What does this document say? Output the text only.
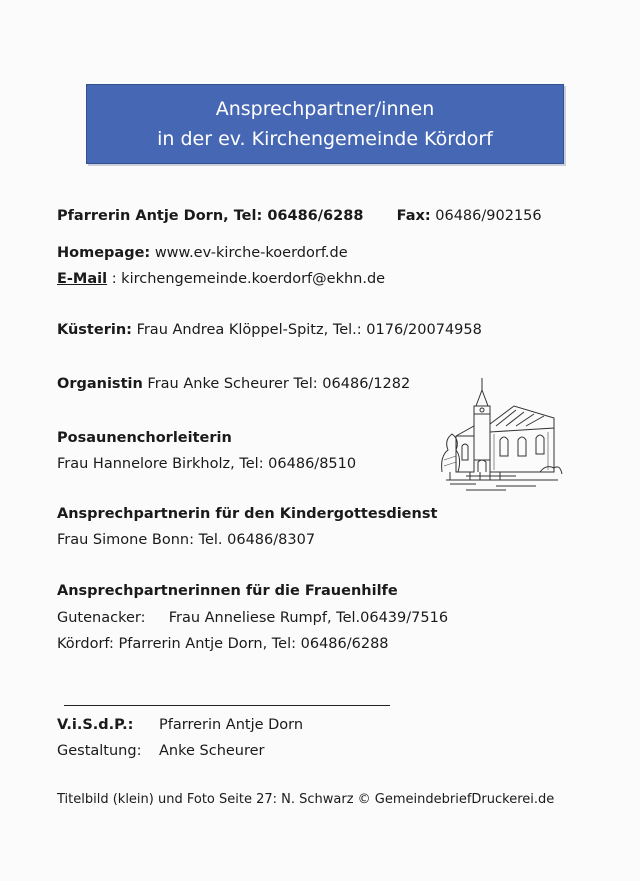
Ansprechpartner/innen
in der ev. Kirchengemeinde Kördorf
Pfarrerin Antje Dorn, Tel: 06486/6288 Fax: 06486/902156
Homepage: www.ev-kirche-koerdorf.de
E-Mail : kirchengemeinde.koerdorf@ekhn.de
Küsterin: Frau Andrea Klöppel-Spitz, Tel.: 0176/20074958
Organistin Frau Anke Scheurer Tel: 06486/1282
Posaunenchorleiterin
Frau Hannelore Birkholz, Tel: 06486/8510
Ansprechpartnerin für den Kindergottesdienst
Frau Simone Bonn: Tel. 06486/8307
Ansprechpartnerinnen für die Frauenhilfe
Gutenacker: Frau Anneliese Rumpf, Tel.06439/7516
Kördorf: Pfarrerin Antje Dorn, Tel: 06486/6288
V.i.S.d.P.: Pfarrerin Antje Dorn
Gestaltung: Anke Scheurer
Titelbild (klein) und Foto Seite 27: N. Schwarz © GemeindebriefDruckerei.de
